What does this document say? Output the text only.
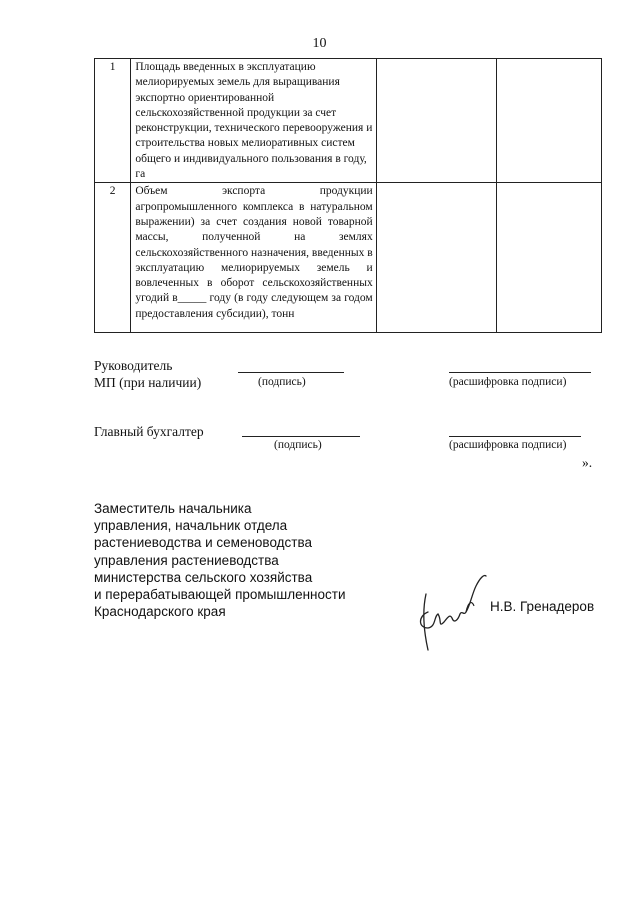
10
1	Площадь введенных в эксплуатацию мелиорируемых земель для выращивания экспортно ориентированной сельскохозяйственной продукции за счет реконструкции, технического перевооружения и строительства новых мелиоративных систем общего и индивидуального пользования в году, га		
2	Объем экспорта продукции агропромышленного комплекса в натуральном выражении) за счет создания новой товарной массы, полученной на землях сельскохозяйственного назначения, введенных в эксплуатацию мелиорируемых земель и вовлеченных в оборот сельскохозяйственных угодий в_____ году (в году следующем за годом предоставления субсидии), тонн		
Руководитель
МП (при наличии)	(подпись)	(расшифровка подписи)
Главный бухгалтер
(подпись)	(расшифровка подписи)
».
Заместитель начальника
управления, начальник отдела
растениеводства и семеноводства
управления растениеводства
министерства сельского хозяйства
и перерабатывающей промышленности
Краснодарского края	Н.В. Гренадеров
